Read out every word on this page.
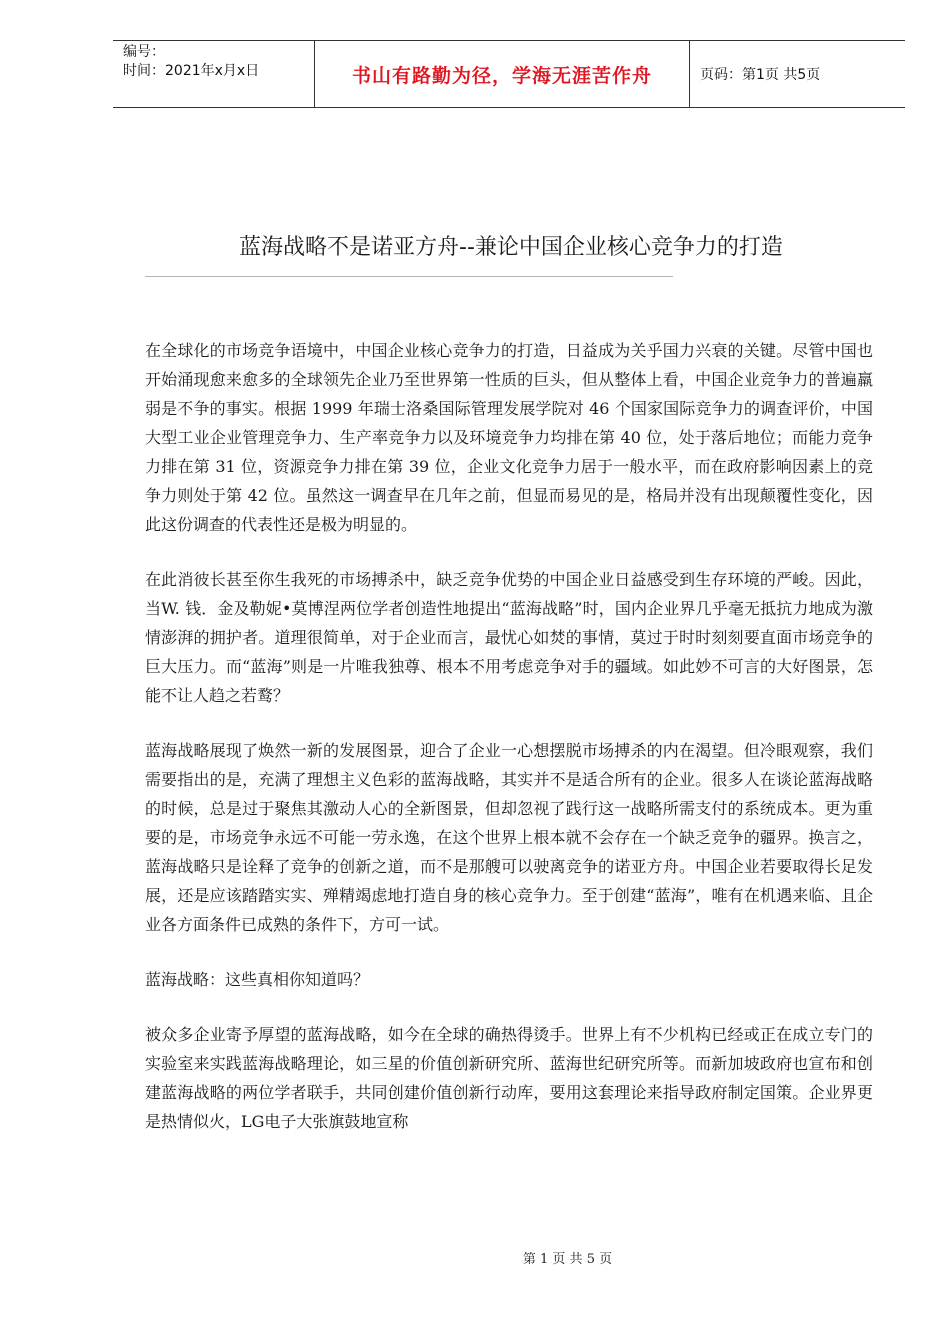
编号：
时间：2021年x月x日	书山有路勤为径，学海无涯苦作舟	页码：第1页 共5页
蓝海战略不是诺亚方舟--兼论中国企业核心竞争力的打造

在全球化的市场竞争语境中，中国企业核心竞争力的打造，日益成为关乎国力兴衰的关键。尽管中国也开始涌现愈来愈多的全球领先企业乃至世界第一性质的巨头，但从整体上看，中国企业竞争力的普遍羸弱是不争的事实。根据 1999 年瑞士洛桑国际管理发展学院对 46 个国家国际竞争力的调查评价，中国大型工业企业管理竞争力、生产率竞争力以及环境竞争力均排在第 40 位，处于落后地位；而能力竞争力排在第 31 位，资源竞争力排在第 39 位，企业文化竞争力居于一般水平，而在政府影响因素上的竞争力则处于第 42 位。虽然这一调查早在几年之前，但显而易见的是，格局并没有出现颠覆性变化，因此这份调查的代表性还是极为明显的。

在此消彼长甚至你生我死的市场搏杀中，缺乏竞争优势的中国企业日益感受到生存环境的严峻。因此，当W. 钱．金及勒妮•莫博涅两位学者创造性地提出“蓝海战略”时，国内企业界几乎毫无抵抗力地成为激情澎湃的拥护者。道理很简单，对于企业而言，最忧心如焚的事情，莫过于时时刻刻要直面市场竞争的巨大压力。而“蓝海”则是一片唯我独尊、根本不用考虑竞争对手的疆域。如此妙不可言的大好图景，怎能不让人趋之若鹜？

蓝海战略展现了焕然一新的发展图景，迎合了企业一心想摆脱市场搏杀的内在渴望。但冷眼观察，我们需要指出的是，充满了理想主义色彩的蓝海战略，其实并不是适合所有的企业。很多人在谈论蓝海战略的时候，总是过于聚焦其激动人心的全新图景，但却忽视了践行这一战略所需支付的系统成本。更为重要的是，市场竞争永远不可能一劳永逸，在这个世界上根本就不会存在一个缺乏竞争的疆界。换言之，蓝海战略只是诠释了竞争的创新之道，而不是那艘可以驶离竞争的诺亚方舟。中国企业若要取得长足发展，还是应该踏踏实实、殚精竭虑地打造自身的核心竞争力。至于创建“蓝海”，唯有在机遇来临、且企业各方面条件已成熟的条件下，方可一试。

蓝海战略：这些真相你知道吗？

被众多企业寄予厚望的蓝海战略，如今在全球的确热得烫手。世界上有不少机构已经或正在成立专门的实验室来实践蓝海战略理论，如三星的价值创新研究所、蓝海世纪研究所等。而新加坡政府也宣布和创建蓝海战略的两位学者联手，共同创建价值创新行动库，要用这套理论来指导政府制定国策。企业界更是热情似火，LG电子大张旗鼓地宣称

第 1 页 共 5 页
